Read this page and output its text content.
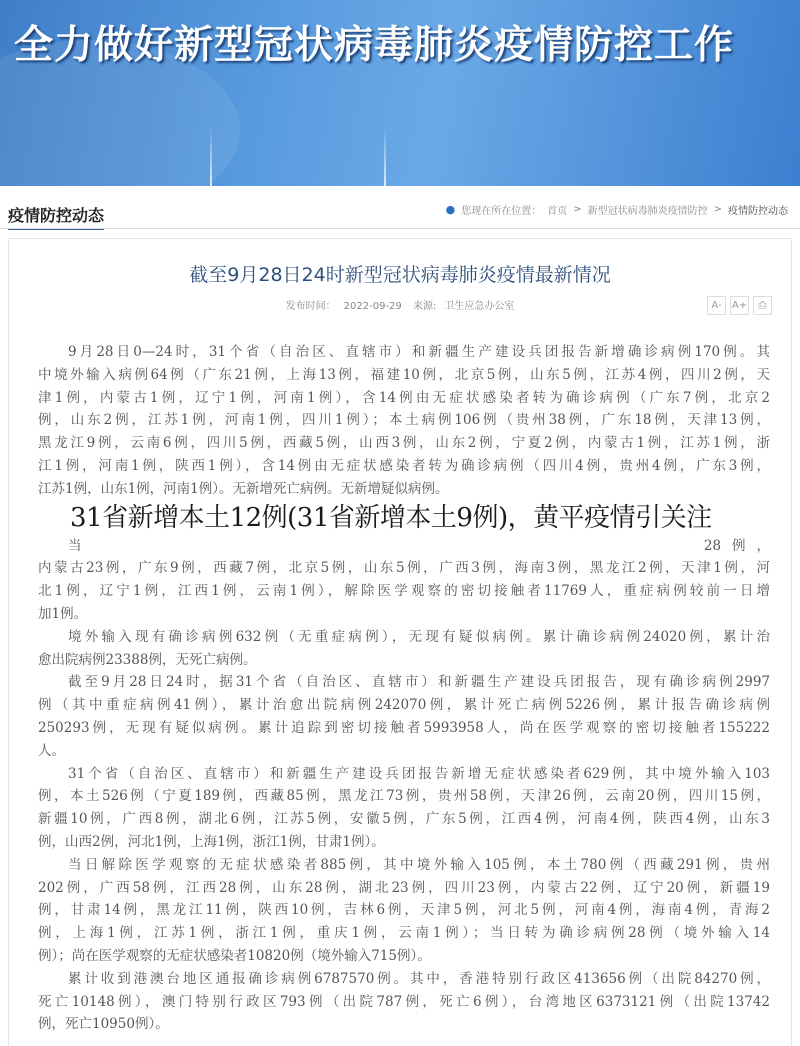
全力做好新型冠状病毒肺炎疫情防控工作
疫情防控动态	● 您现在所在位置： 首页 > 新型冠状病毒肺炎疫情防控 > 疫情防控动态
截至9月28日24时新型冠状病毒肺炎疫情最新情况
发布时间： 2022-09-29 来源: 卫生应急办公室	A-	A+	⎙
9月28日0—24时，31个省（自治区、直辖市）和新疆生产建设兵团报告新增确诊病例170例。其
中境外输入病例64例（广东21例，上海13例，福建10例，北京5例，山东5例，江苏4例，四川2例，天
津1例，内蒙古1例，辽宁1例，河南1例），含14例由无症状感染者转为确诊病例（广东7例，北京2
例，山东2例，江苏1例，河南1例，四川1例）；本土病例106例（贵州38例，广东18例，天津13例，
黑龙江9例，云南6例，四川5例，西藏5例，山西3例，山东2例，宁夏2例，内蒙古1例，江苏1例，浙
江1例，河南1例，陕西1例），含14例由无症状感染者转为确诊病例（四川4例，贵州4例，广东3例，
江苏1例，山东1例，河南1例）。无新增死亡病例。无新增疑似病例。
31省新增本土12例(31省新增本土9例)，黄平疫情引关注
当　　　　　　　　　　　　　　　　　　　　　　　　　28例，
内蒙古23例，广东9例，西藏7例，北京5例，山东5例，广西3例，海南3例，黑龙江2例，天津1例，河
北1例，辽宁1例，江西1例，云南1例），解除医学观察的密切接触者11769人，重症病例较前一日增
加1例。
境外输入现有确诊病例632例（无重症病例），无现有疑似病例。累计确诊病例24020例，累计治
愈出院病例23388例，无死亡病例。
截至9月28日24时，据31个省（自治区、直辖市）和新疆生产建设兵团报告，现有确诊病例2997
例（其中重症病例41例），累计治愈出院病例242070例，累计死亡病例5226例，累计报告确诊病例
250293例，无现有疑似病例。累计追踪到密切接触者5993958人，尚在医学观察的密切接触者155222
人。
31个省（自治区、直辖市）和新疆生产建设兵团报告新增无症状感染者629例，其中境外输入103
例，本土526例（宁夏189例，西藏85例，黑龙江73例，贵州58例，天津26例，云南20例，四川15例，
新疆10例，广西8例，湖北6例，江苏5例，安徽5例，广东5例，江西4例，河南4例，陕西4例，山东3
例，山西2例，河北1例，上海1例，浙江1例，甘肃1例）。
当日解除医学观察的无症状感染者885例，其中境外输入105例，本土780例（西藏291例，贵州
202例，广西58例，江西28例，山东28例，湖北23例，四川23例，内蒙古22例，辽宁20例，新疆19
例，甘肃14例，黑龙江11例，陕西10例，吉林6例，天津5例，河北5例，河南4例，海南4例，青海2
例，上海1例，江苏1例，浙江1例，重庆1例，云南1例）；当日转为确诊病例28例（境外输入14
例）；尚在医学观察的无症状感染者10820例（境外输入715例）。
累计收到港澳台地区通报确诊病例6787570例。其中，香港特别行政区413656例（出院84270例，
死亡10148例），澳门特别行政区793例（出院787例，死亡6例），台湾地区6373121例（出院13742
例，死亡10950例）。
